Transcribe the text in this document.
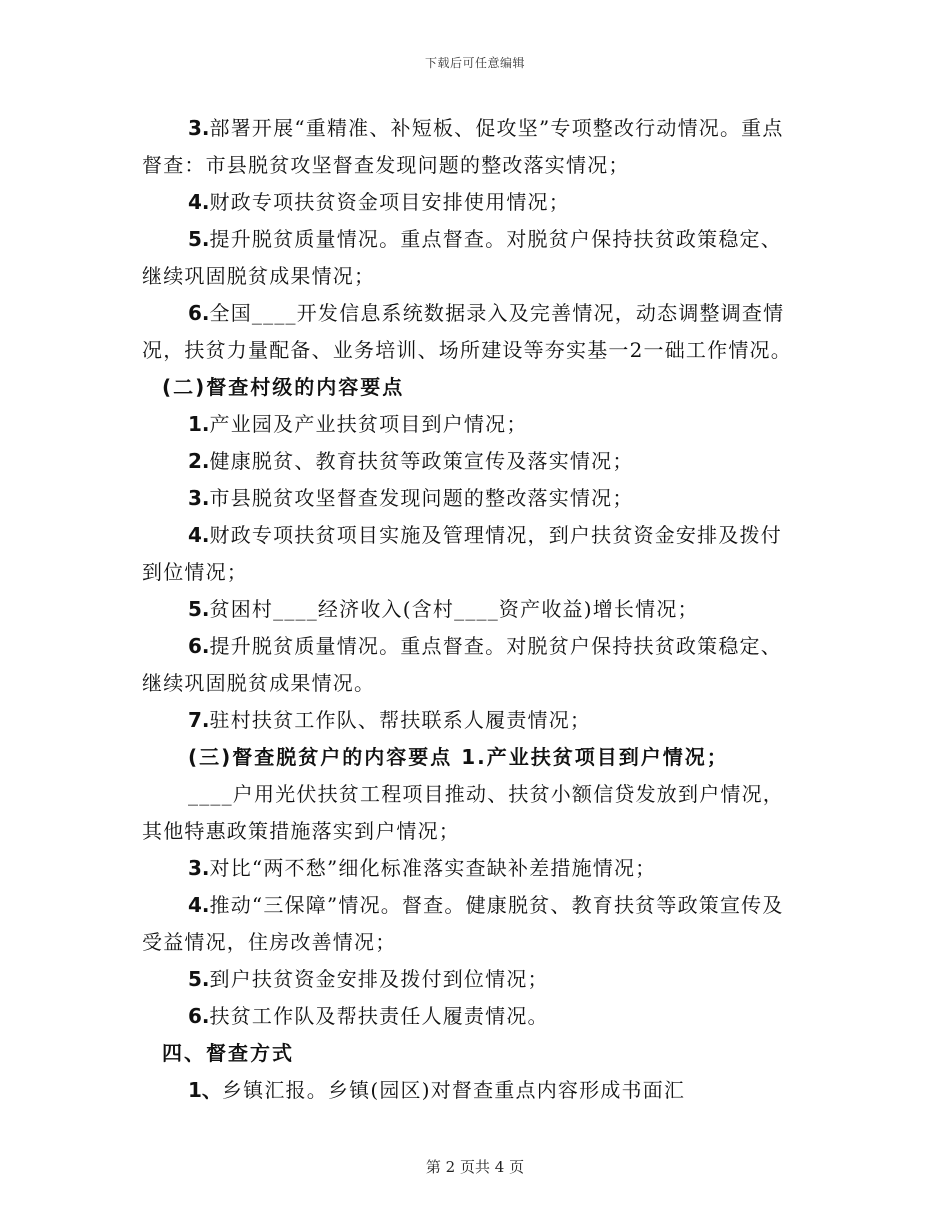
下载后可任意编辑

3.部署开展“重精准、补短板、促攻坚”专项整改行动情况。重点督查：市县脱贫攻坚督查发现问题的整改落实情况；

4.财政专项扶贫资金项目安排使用情况；

5.提升脱贫质量情况。重点督查。对脱贫户保持扶贫政策稳定、继续巩固脱贫成果情况；

6.全国____开发信息系统数据录入及完善情况，动态调整调查情况，扶贫力量配备、业务培训、场所建设等夯实基一2一础工作情况。

(二)督查村级的内容要点

1.产业园及产业扶贫项目到户情况；

2.健康脱贫、教育扶贫等政策宣传及落实情况；

3.市县脱贫攻坚督查发现问题的整改落实情况；

4.财政专项扶贫项目实施及管理情况，到户扶贫资金安排及拨付到位情况；

5.贫困村____经济收入(含村____资产收益)增长情况；

6.提升脱贫质量情况。重点督查。对脱贫户保持扶贫政策稳定、继续巩固脱贫成果情况。

7.驻村扶贫工作队、帮扶联系人履责情况；

(三)督查脱贫户的内容要点 1.产业扶贫项目到户情况；

____户用光伏扶贫工程项目推动、扶贫小额信贷发放到户情况，其他特惠政策措施落实到户情况；

3.对比“两不愁”细化标准落实查缺补差措施情况；

4.推动“三保障”情况。督查。健康脱贫、教育扶贫等政策宣传及受益情况，住房改善情况；

5.到户扶贫资金安排及拨付到位情况；

6.扶贫工作队及帮扶责任人履责情况。

四、督查方式

1、乡镇汇报。乡镇(园区)对督查重点内容形成书面汇

第 2 页共 4 页
